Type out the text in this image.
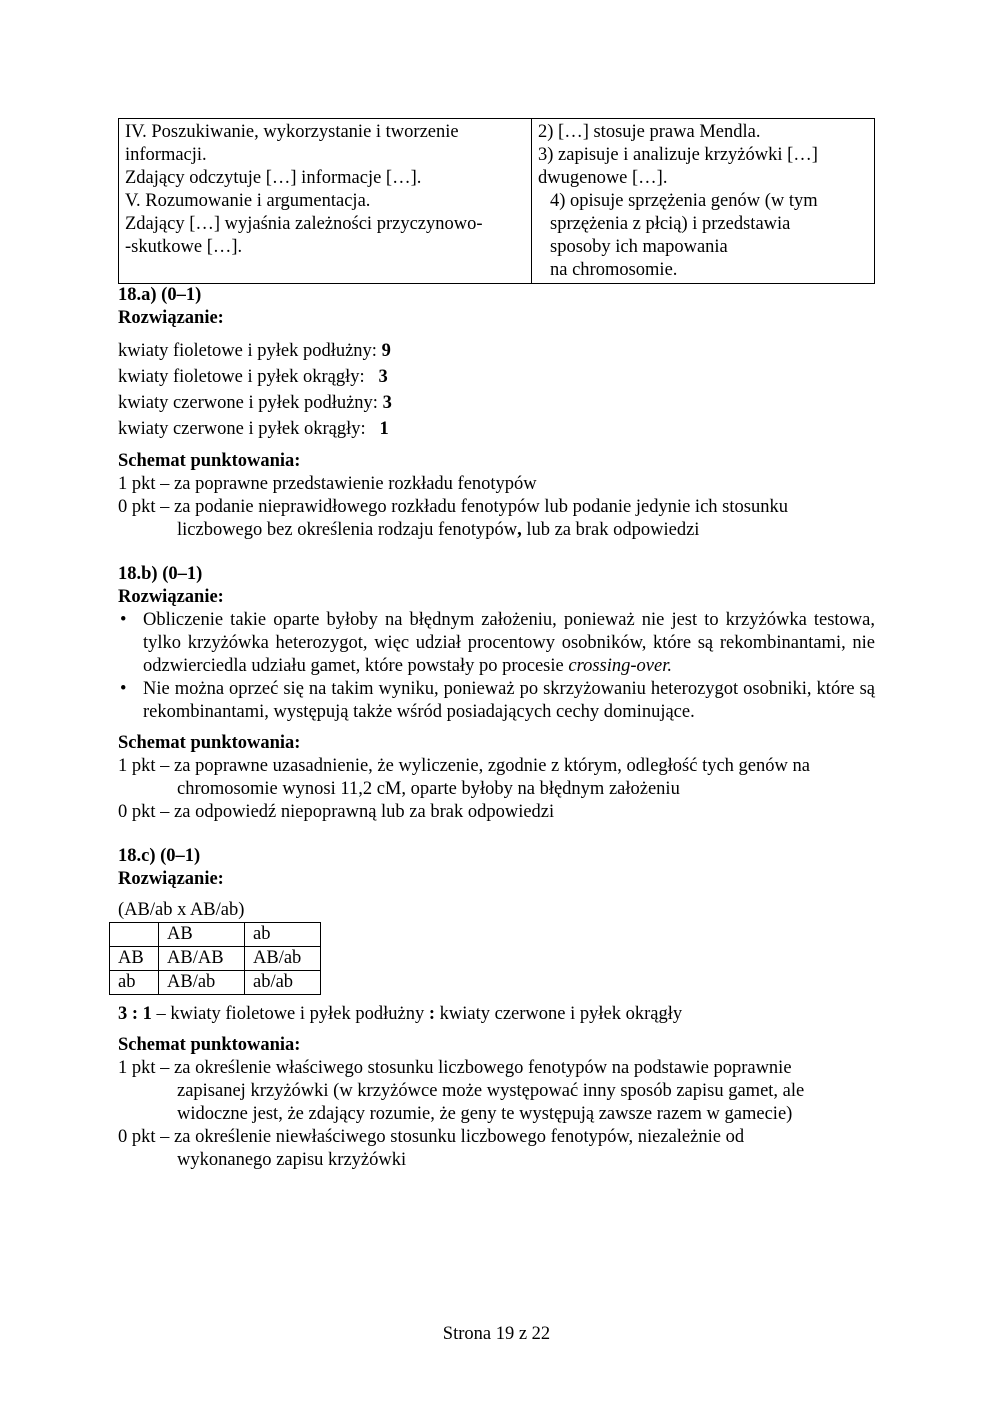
IV. Poszukiwanie, wykorzystanie i tworzenie
informacji.
Zdający odczytuje […] informacje […].
V. Rozumowanie i argumentacja.
Zdający […] wyjaśnia zależności przyczynowo-
-skutkowe […].

2) […] stosuje prawa Mendla.
3) zapisuje i analizuje krzyżówki […]
dwugenowe […].
4) opisuje sprzężenia genów (w tym
sprzężenia z płcią) i przedstawia
sposoby ich mapowania
na chromosomie.
18.a) (0–1)
Rozwiązanie:
kwiaty fioletowe i pyłek podłużny: 9
kwiaty fioletowe i pyłek okrągły:   3
kwiaty czerwone i pyłek podłużny: 3
kwiaty czerwone i pyłek okrągły:   1
Schemat punktowania:
1 pkt – za poprawne przedstawienie rozkładu fenotypów
0 pkt – za podanie nieprawidłowego rozkładu fenotypów lub podanie jedynie ich stosunku
liczbowego bez określenia rodzaju fenotypów, lub za brak odpowiedzi
18.b) (0–1)
Rozwiązanie:
• Obliczenie takie oparte byłoby na błędnym założeniu, ponieważ nie jest to krzyżówka testowa, tylko krzyżówka heterozygot, więc udział procentowy osobników, które są rekombinantami, nie odzwierciedla udziału gamet, które powstały po procesie crossing-over.
• Nie można oprzeć się na takim wyniku, ponieważ po skrzyżowaniu heterozygot osobniki, które są rekombinantami, występują także wśród posiadających cechy dominujące.
Schemat punktowania:
1 pkt – za poprawne uzasadnienie, że wyliczenie, zgodnie z którym, odległość tych genów na
chromosomie wynosi 11,2 cM, oparte byłoby na błędnym założeniu
0 pkt – za odpowiedź niepoprawną lub za brak odpowiedzi
18.c) (0–1)
Rozwiązanie:
(AB/ab x AB/ab)
	AB	ab
AB	AB/AB	AB/ab
ab	AB/ab	ab/ab
3 : 1 – kwiaty fioletowe i pyłek podłużny : kwiaty czerwone i pyłek okrągły
Schemat punktowania:
1 pkt – za określenie właściwego stosunku liczbowego fenotypów na podstawie poprawnie
zapisanej krzyżówki (w krzyżówce może występować inny sposób zapisu gamet, ale
widoczne jest, że zdający rozumie, że geny te występują zawsze razem w gamecie)
0 pkt – za określenie niewłaściwego stosunku liczbowego fenotypów, niezależnie od
wykonanego zapisu krzyżówki
Strona 19 z 22
